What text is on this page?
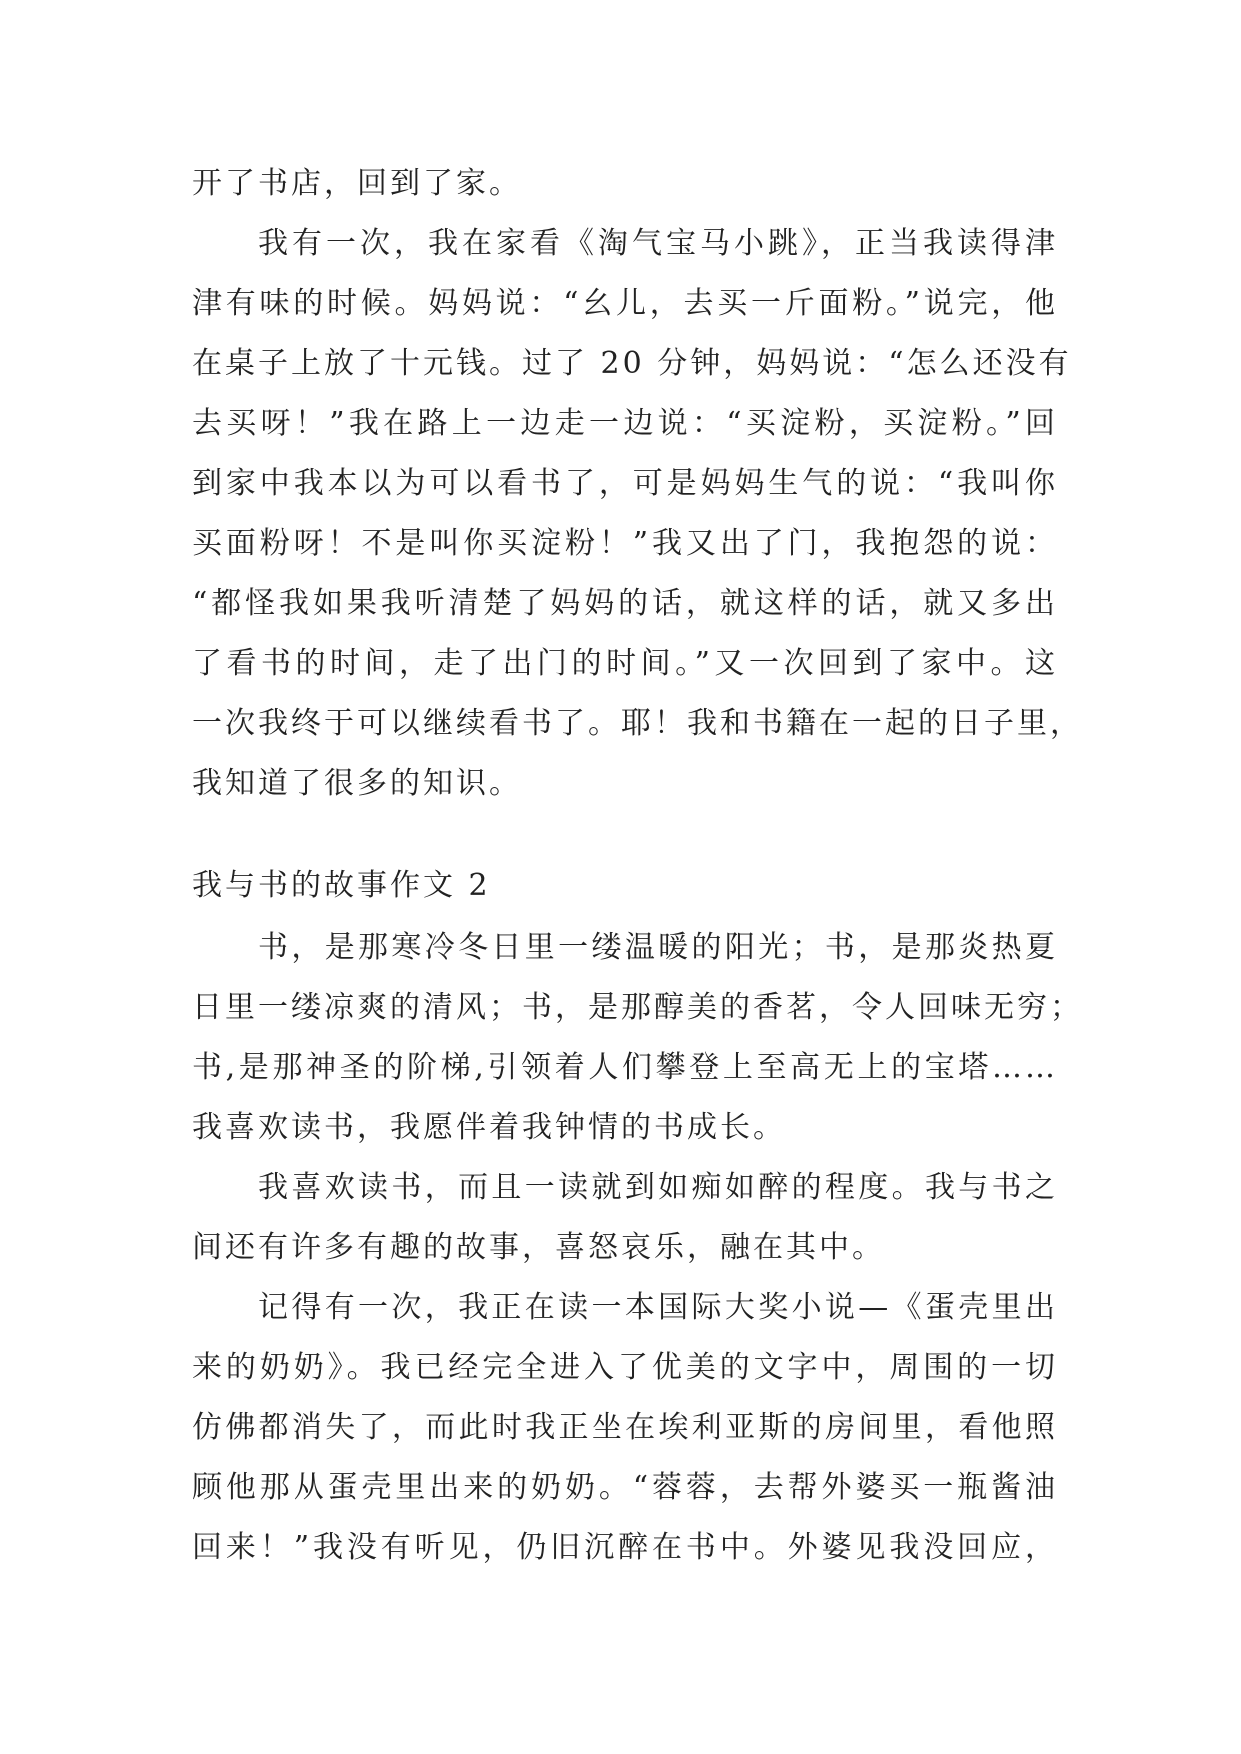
开了书店，回到了家。
我有一次，我在家看《淘气宝马小跳》，正当我读得津
津有味的时候。妈妈说：“幺儿，去买一斤面粉。”说完，他
在桌子上放了十元钱。过了 20 分钟，妈妈说：“怎么还没有
去买呀！”我在路上一边走一边说：“买淀粉，买淀粉。”回
到家中我本以为可以看书了，可是妈妈生气的说：“我叫你
买面粉呀！不是叫你买淀粉！”我又出了门，我抱怨的说：
“都怪我如果我听清楚了妈妈的话，就这样的话，就又多出
了看书的时间，走了出门的时间。”又一次回到了家中。这
一次我终于可以继续看书了。耶！我和书籍在一起的日子里，
我知道了很多的知识。
我与书的故事作文 2
书，是那寒冷冬日里一缕温暖的阳光；书，是那炎热夏
日里一缕凉爽的清风；书，是那醇美的香茗，令人回味无穷；
书,是那神圣的阶梯,引领着人们攀登上至高无上的宝塔……
我喜欢读书，我愿伴着我钟情的书成长。
我喜欢读书，而且一读就到如痴如醉的程度。我与书之
间还有许多有趣的故事，喜怒哀乐，融在其中。
记得有一次，我正在读一本国际大奖小说—《蛋壳里出
来的奶奶》。我已经完全进入了优美的文字中，周围的一切
仿佛都消失了，而此时我正坐在埃利亚斯的房间里，看他照
顾他那从蛋壳里出来的奶奶。“蓉蓉，去帮外婆买一瓶酱油
回来！”我没有听见，仍旧沉醉在书中。外婆见我没回应，
